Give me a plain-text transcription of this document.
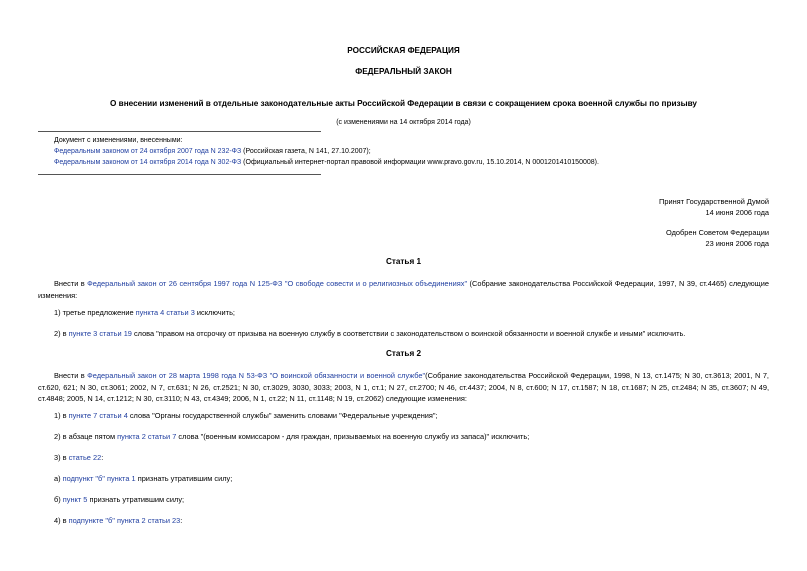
РОССИЙСКАЯ ФЕДЕРАЦИЯ
ФЕДЕРАЛЬНЫЙ ЗАКОН
О внесении изменений в отдельные законодательные акты Российской Федерации в связи с сокращением срока военной службы по призыву
(с изменениями на 14 октября 2014 года)
Документ с изменениями, внесенными:
Федеральным законом от 24 октября 2007 года N 232-ФЗ (Российская газета, N 141, 27.10.2007);
Федеральным законом от 14 октября 2014 года N 302-ФЗ (Официальный интернет-портал правовой информации www.pravo.gov.ru, 15.10.2014, N 0001201410150008).
Принят Государственной Думой
14 июня 2006 года
Одобрен Советом Федерации
23 июня 2006 года
Статья 1
Внести в Федеральный закон от 26 сентября 1997 года N 125-ФЗ "О свободе совести и о религиозных объединениях" (Собрание законодательства Российской Федерации, 1997, N 39, ст.4465) следующие изменения:
1) третье предложение пункта 4 статьи 3 исключить;
2) в пункте 3 статьи 19 слова "правом на отсрочку от призыва на военную службу в соответствии с законодательством о воинской обязанности и военной службе и иными" исключить.
Статья 2
Внести в Федеральный закон от 28 марта 1998 года N 53-ФЗ "О воинской обязанности и военной службе"(Собрание законодательства Российской Федерации, 1998, N 13, ст.1475; N 30, ст.3613; 2001, N 7, ст.620, 621; N 30, ст.3061; 2002, N 7, ст.631; N 26, ст.2521; N 30, ст.3029, 3030, 3033; 2003, N 1, ст.1; N 27, ст.2700; N 46, ст.4437; 2004, N 8, ст.600; N 17, ст.1587; N 18, ст.1687; N 25, ст.2484; N 35, ст.3607; N 49, ст.4848; 2005, N 14, ст.1212; N 30, ст.3110; N 43, ст.4349; 2006, N 1, ст.22; N 11, ст.1148; N 19, ст.2062) следующие изменения:
1) в пункте 7 статьи 4 слова "Органы государственной службы" заменить словами "Федеральные учреждения";
2) в абзаце пятом пункта 2 статьи 7 слова "(военным комиссаром - для граждан, призываемых на военную службу из запаса)" исключить;
3) в статье 22:
а) подпункт "б" пункта 1 признать утратившим силу;
б) пункт 5 признать утратившим силу;
4) в подпункте "б" пункта 2 статьи 23:
